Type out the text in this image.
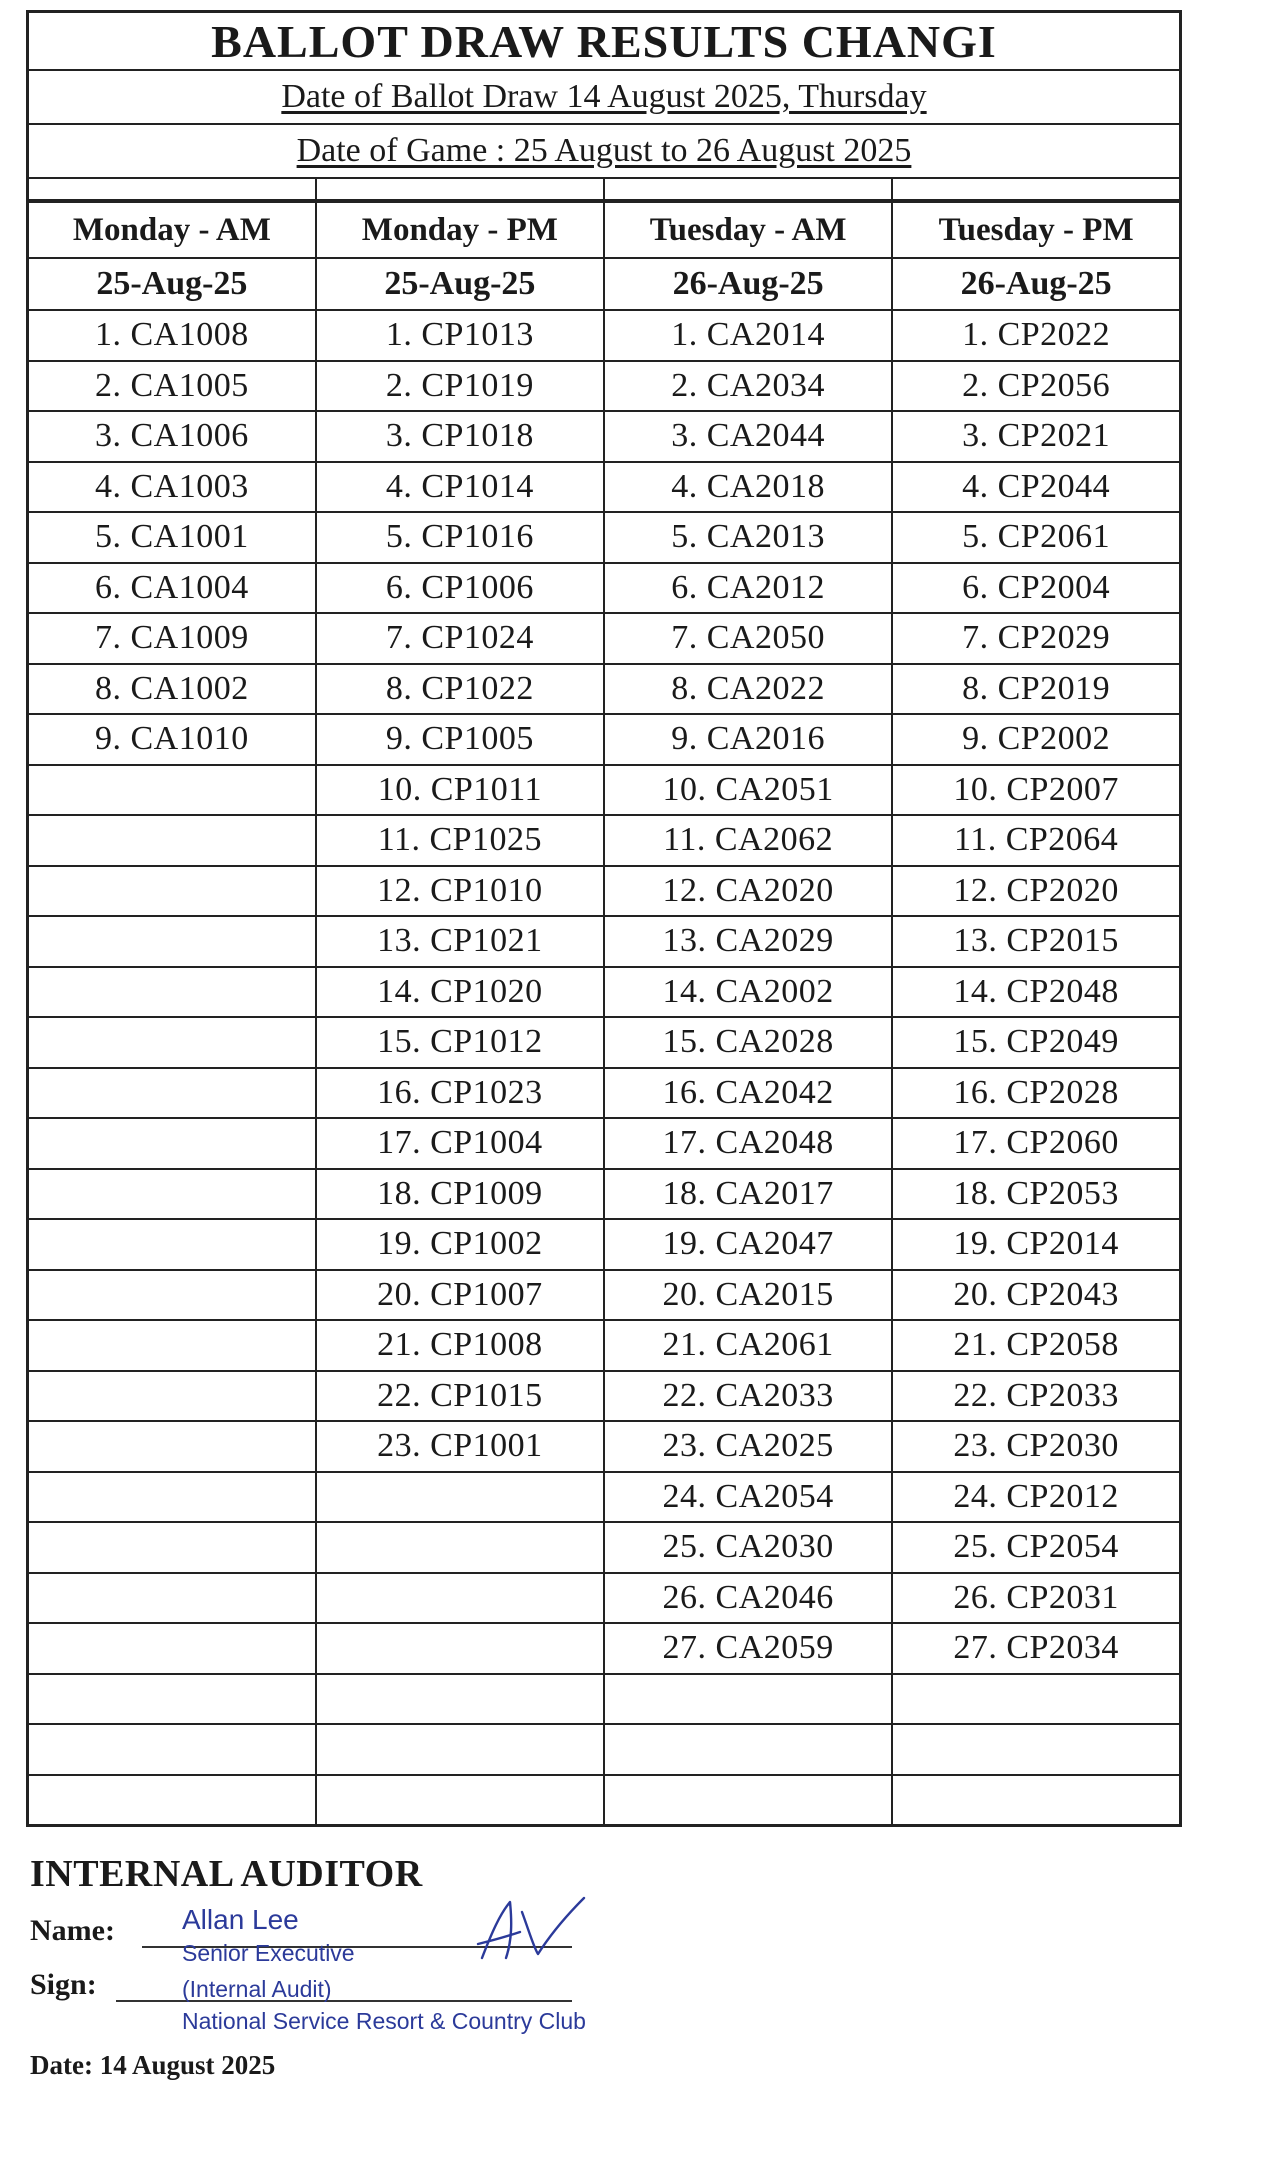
BALLOT DRAW RESULTS CHANGI
Date of Ballot Draw 14 August 2025, Thursday
Date of Game : 25 August to 26 August 2025
Monday - AM	Monday - PM	Tuesday - AM	Tuesday - PM
25-Aug-25	25-Aug-25	26-Aug-25	26-Aug-25
1. CA1008	1. CP1013	1. CA2014	1. CP2022
2. CA1005	2. CP1019	2. CA2034	2. CP2056
3. CA1006	3. CP1018	3. CA2044	3. CP2021
4. CA1003	4. CP1014	4. CA2018	4. CP2044
5. CA1001	5. CP1016	5. CA2013	5. CP2061
6. CA1004	6. CP1006	6. CA2012	6. CP2004
7. CA1009	7. CP1024	7. CA2050	7. CP2029
8. CA1002	8. CP1022	8. CA2022	8. CP2019
9. CA1010	9. CP1005	9. CA2016	9. CP2002
	10. CP1011	10. CA2051	10. CP2007
	11. CP1025	11. CA2062	11. CP2064
	12. CP1010	12. CA2020	12. CP2020
	13. CP1021	13. CA2029	13. CP2015
	14. CP1020	14. CA2002	14. CP2048
	15. CP1012	15. CA2028	15. CP2049
	16. CP1023	16. CA2042	16. CP2028
	17. CP1004	17. CA2048	17. CP2060
	18. CP1009	18. CA2017	18. CP2053
	19. CP1002	19. CA2047	19. CP2014
	20. CP1007	20. CA2015	20. CP2043
	21. CP1008	21. CA2061	21. CP2058
	22. CP1015	22. CA2033	22. CP2033
	23. CP1001	23. CA2025	23. CP2030
		24. CA2054	24. CP2012
		25. CA2030	25. CP2054
		26. CA2046	26. CP2031
		27. CA2059	27. CP2034

INTERNAL AUDITOR
Name:
Sign:
Allan Lee
Senior Executive
(Internal Audit)
National Service Resort & Country Club
Date: 14 August 2025
